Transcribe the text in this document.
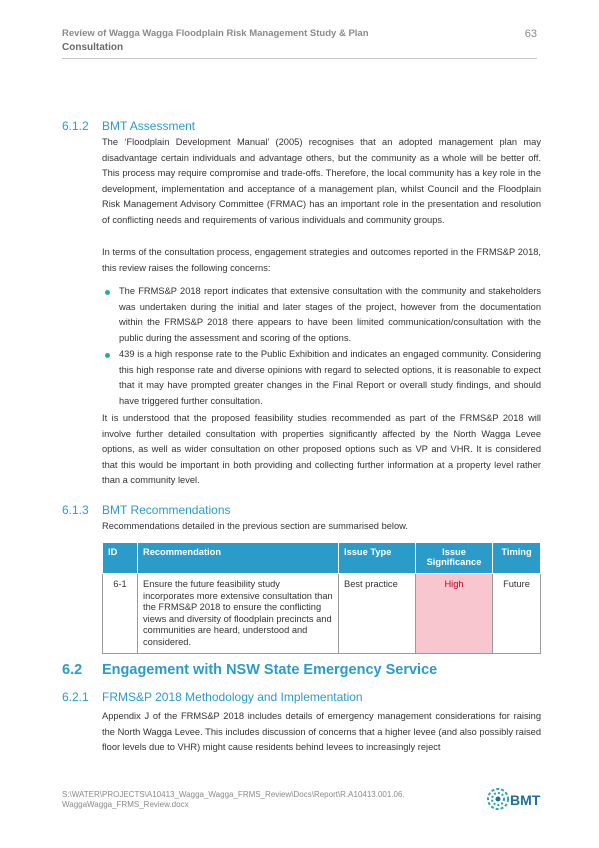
Review of Wagga Wagga Floodplain Risk Management Study & Plan
Consultation
63
6.1.2 BMT Assessment

The ‘Floodplain Development Manual’ (2005) recognises that an adopted management plan may disadvantage certain individuals and advantage others, but the community as a whole will be better off. This process may require compromise and trade-offs. Therefore, the local community has a key role in the development, implementation and acceptance of a management plan, whilst Council and the Floodplain Risk Management Advisory Committee (FRMAC) has an important role in the presentation and resolution of conflicting needs and requirements of various individuals and community groups.

In terms of the consultation process, engagement strategies and outcomes reported in the FRMS&P 2018, this review raises the following concerns:

The FRMS&P 2018 report indicates that extensive consultation with the community and stakeholders was undertaken during the initial and later stages of the project, however from the documentation within the FRMS&P 2018 there appears to have been limited communication/consultation with the public during the assessment and scoring of the options.
439 is a high response rate to the Public Exhibition and indicates an engaged community. Considering this high response rate and diverse opinions with regard to selected options, it is reasonable to expect that it may have prompted greater changes in the Final Report or overall study findings, and should have triggered further consultation.

It is understood that the proposed feasibility studies recommended as part of the FRMS&P 2018 will involve further detailed consultation with properties significantly affected by the North Wagga Levee options, as well as wider consultation on other proposed options such as VP and VHR. It is considered that this would be important in both providing and collecting further information at a property level rather than a community level.

6.1.3 BMT Recommendations

Recommendations detailed in the previous section are summarised below.

ID	Recommendation	Issue Type	Issue Significance	Timing
6-1	Ensure the future feasibility study incorporates more extensive consultation than the FRMS&P 2018 to ensure the conflicting views and diversity of floodplain precincts and communities are heard, understood and considered.	Best practice	High	Future
6.2 Engagement with NSW State Emergency Service
6.2.1 FRMS&P 2018 Methodology and Implementation

Appendix J of the FRMS&P 2018 includes details of emergency management considerations for raising the North Wagga Levee. This includes discussion of concerns that a higher levee (and also possibly raised floor levels due to VHR) might cause residents behind levees to increasingly reject

S:\WATER\PROJECTS\A10413_Wagga_Wagga_FRMS_Review\Docs\Report\R.A10413.001.06.
WaggaWagga_FRMS_Review.docx	BMT
